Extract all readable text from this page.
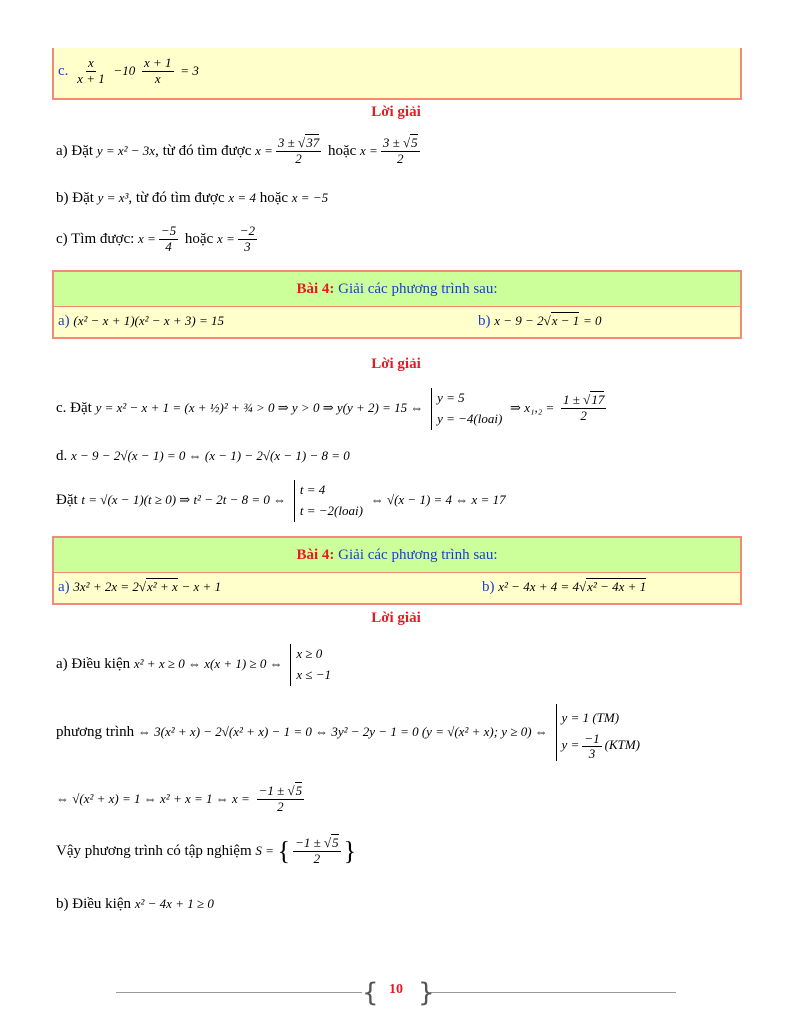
c. $\frac{x}{x + 1} -10 \frac{x + 1}{x} = 3$
Lời giải
a) Đặt y = x² − 3x, từ đó tìm được $x = \frac{3 \pm √37}{2}$ hoặc $x = \frac{3 \pm √5}{2}$
b) Đặt y = x³, từ đó tìm được x = 4 hoặc x = −5
c) Tìm được: $x = \frac{-5}{4}$ hoặc $x = \frac{-2}{3}$
Bài 4: Giải các phương trình sau:
a) (x² − x + 1)(x² − x + 3) = 15	b) x − 9 − 2√x − 1 = 0
Lời giải
c. Đặt y = x² − x + 1 = (x + ½)² + ¾ > 0 ⇒ y > 0 ⇒ y(y + 2) = 15 ⇔
y = 5
y = −4(loai)
⇒ $x_1,_2 = \frac{1 \pm √17}{2}$
d. x − 9 − 2√(x − 1) = 0 ⇔ (x − 1) − 2√(x − 1) − 8 = 0
Đặt t = √(x − 1)(t ≥ 0) ⇒ t² − 2t − 8 = 0 ⇔
t = 4
t = −2(loai)
⇔ √(x − 1) = 4 ⇔ x = 17
Bài 4: Giải các phương trình sau:
a) 3x² + 2x = 2√x² + x − x + 1	b) x² − 4x + 4 = 4√x² − 4x + 1
Lời giải
a) Điều kiện x² + x ≥ 0 ⇔ x(x + 1) ≥ 0 ⇔
x ≥ 0
x ≤ −1
phương trình ⇔ 3(x² + x) − 2√(x² + x) − 1 = 0 ⇔ 3y² − 2y − 1 = 0 (y = √(x² + x); y ≥ 0) ⇔
y = 1 (TM)
$y = \frac{-1}{3} (KTM)$
⇔ √(x² + x) = 1 ⇔ x² + x = 1 ⇔ $x = \frac{-1 \pm √5}{2}$
Vậy phương trình có tập nghiệm S = { $\frac{-1 \pm √5}{2}$ }
b) Điều kiện x² − 4x + 1 ≥ 0
{ }
10
